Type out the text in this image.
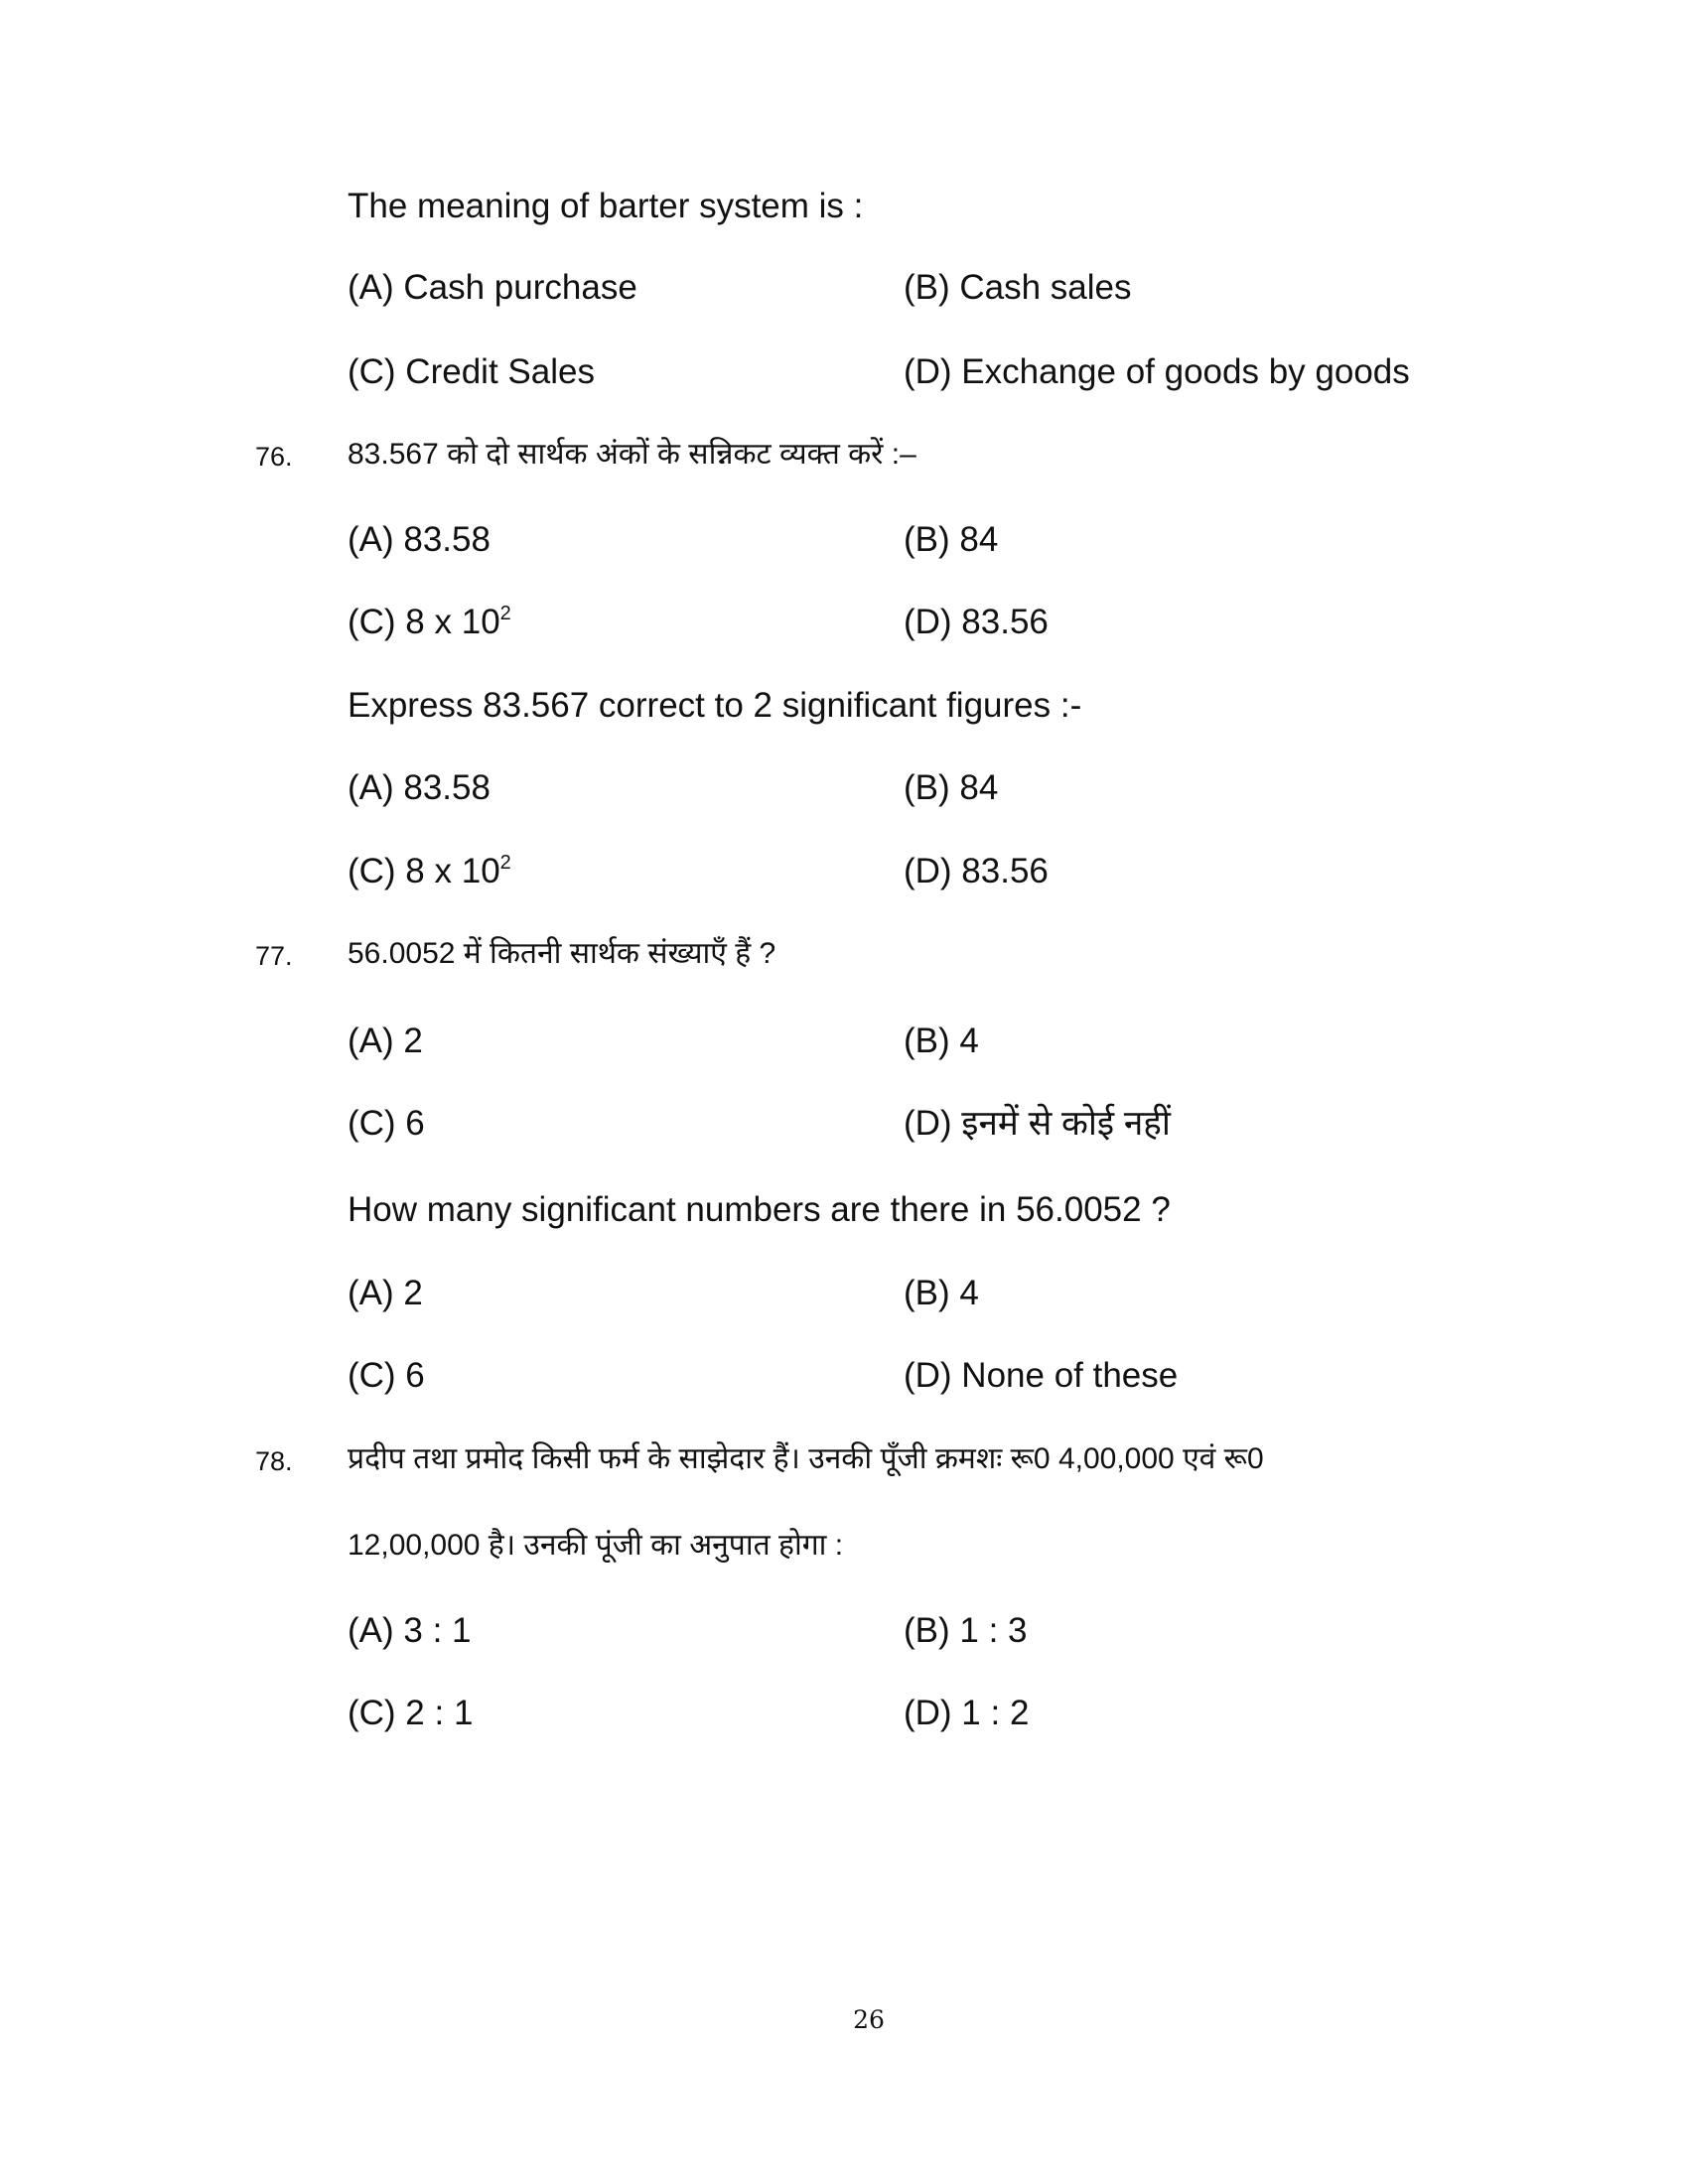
The meaning of barter system is :
(A) Cash purchase	(B) Cash sales
(C) Credit Sales	(D) Exchange of goods by goods
76. 83.567 को दो सार्थक अंकों के सन्निकट व्यक्त करें :–
(A) 83.58	(B) 84
(C) 8 x $10^2$	(D) 83.56
Express 83.567 correct to 2 significant figures :-
(A) 83.58	(B) 84
(C) 8 x $10^2$	(D) 83.56
77. 56.0052 में कितनी सार्थक संख्याएँ हैं ?
(A) 2	(B) 4
(C) 6	(D) इनमें से कोई नहीं
How many significant numbers are there in 56.0052 ?
(A) 2	(B) 4
(C) 6	(D) None of these
78. प्रदीप तथा प्रमोद किसी फर्म के साझेदार हैं। उनकी पूँजी क्रमशः रू0 4,00,000 एवं रू0
12,00,000 है। उनकी पूंजी का अनुपात होगा :
(A) 3 : 1	(B) 1 : 3
(C) 2 : 1	(D) 1 : 2
26
